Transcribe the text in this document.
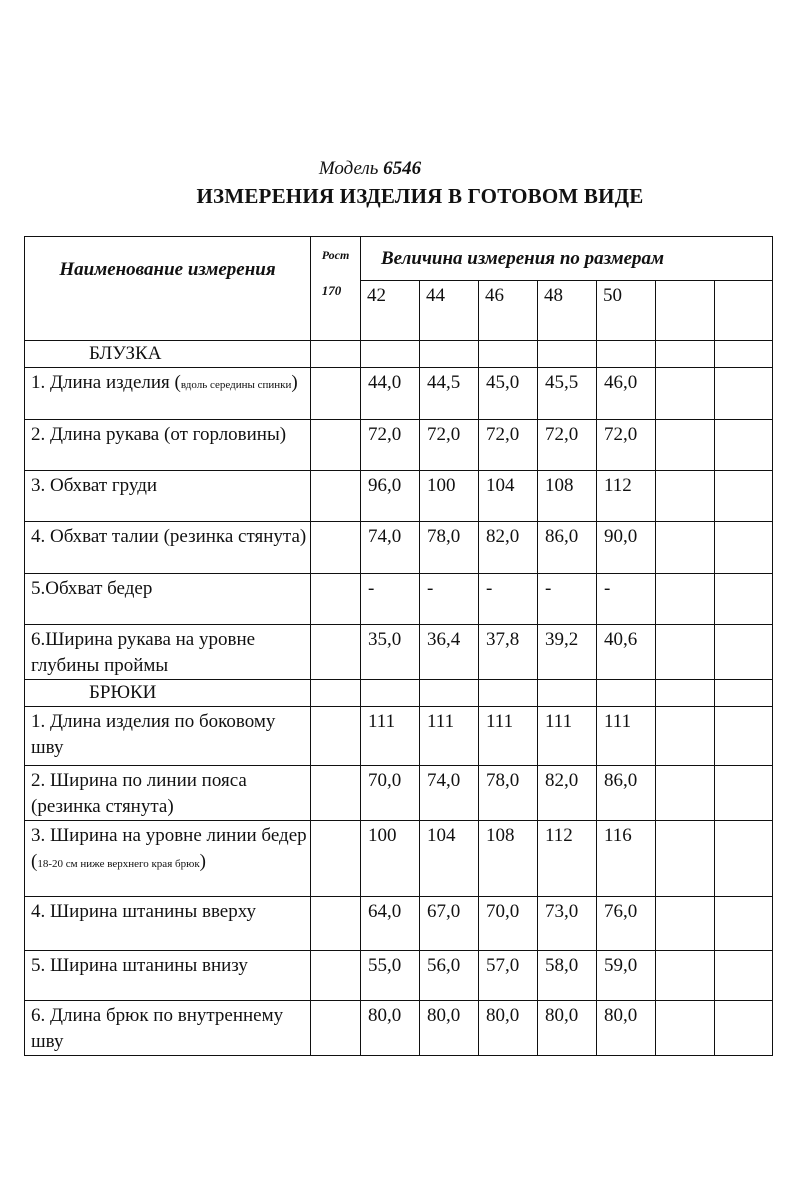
Модель 6546
ИЗМЕРЕНИЯ ИЗДЕЛИЯ В ГОТОВОМ ВИДЕ
Наименование измерения	Рост
170	Величина измерения по размерам						
		42	44	46	48	50		
БЛУЗКА								
1. Длина изделия (вдоль середины спинки)		44,0	44,5	45,0	45,5	46,0		
2. Длина рукава (от горловины)		72,0	72,0	72,0	72,0	72,0		
3. Обхват груди		96,0	100	104	108	112		
4. Обхват талии (резинка стянута)		74,0	78,0	82,0	86,0	90,0		
5.Обхват бедер		-	-	-	-	-		
6.Ширина рукава на уровне глубины проймы		35,0	36,4	37,8	39,2	40,6		
БРЮКИ								
1. Длина изделия по боковому шву		111	111	111	111	111		
2. Ширина по линии пояса (резинка стянута)		70,0	74,0	78,0	82,0	86,0		
3. Ширина на уровне линии бедер (18-20 см ниже верхнего края брюк)		100	104	108	112	116		
4. Ширина штанины вверху		64,0	67,0	70,0	73,0	76,0		
5. Ширина штанины внизу		55,0	56,0	57,0	58,0	59,0		
6. Длина брюк по внутреннему шву		80,0	80,0	80,0	80,0	80,0		
